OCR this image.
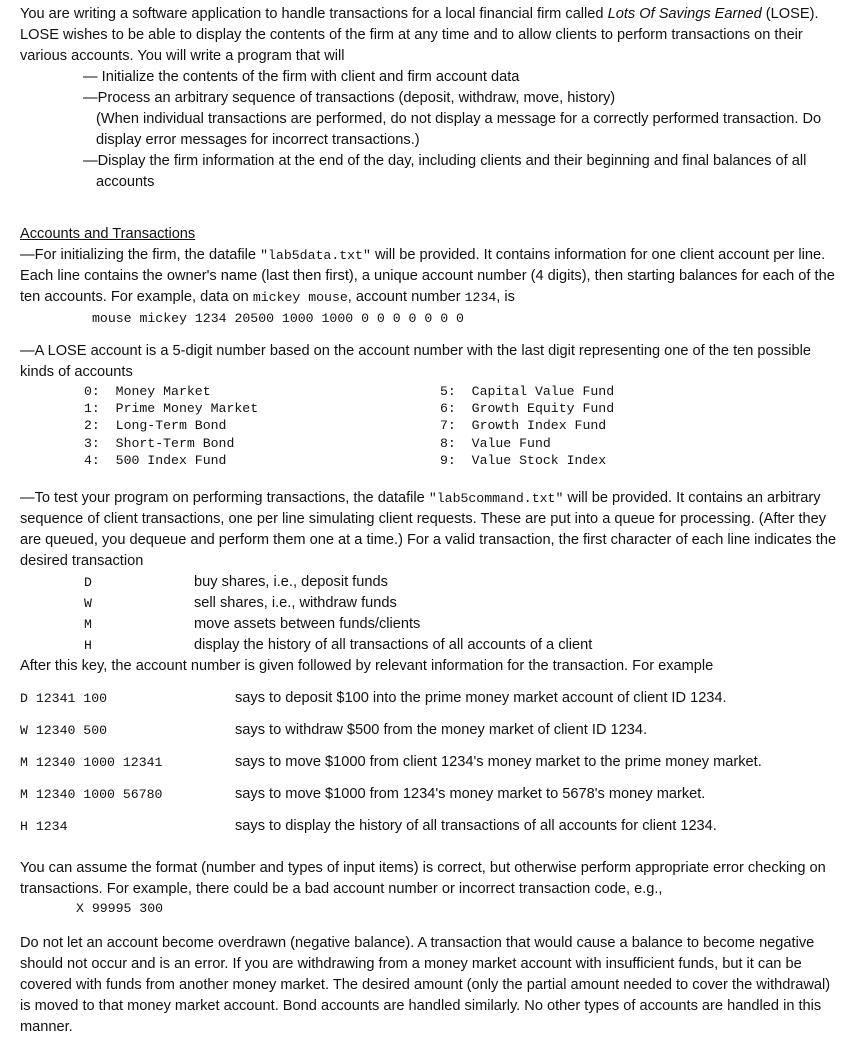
You are writing a software application to handle transactions for a local financial firm called Lots Of Savings Earned (LOSE). LOSE wishes to be able to display the contents of the firm at any time and to allow clients to perform transactions on their various accounts. You will write a program that will

— Initialize the contents of the firm with client and firm account data

—Process an arbitrary sequence of transactions (deposit, withdraw, move, history)

(When individual transactions are performed, do not display a message for a correctly performed transaction. Do display error messages for incorrect transactions.)

—Display the firm information at the end of the day, including clients and their beginning and final balances of all accounts

Accounts and Transactions

—For initializing the firm, the datafile "lab5data.txt" will be provided. It contains information for one client account per line. Each line contains the owner's name (last then first), a unique account number (4 digits), then starting balances for each of the ten accounts. For example, data on mickey mouse, account number 1234, is

mouse mickey 1234 20500 1000 1000 0 0 0 0 0 0 0

—A LOSE account is a 5-digit number based on the account number with the last digit representing one of the ten possible kinds of accounts

0:  Money Market
1:  Prime Money Market
2:  Long-Term Bond
3:  Short-Term Bond
4:  500 Index Fund
5:  Capital Value Fund
6:  Growth Equity Fund
7:  Growth Index Fund
8:  Value Fund
9:  Value Stock Index

—To test your program on performing transactions, the datafile "lab5command.txt" will be provided. It contains an arbitrary sequence of client transactions, one per line simulating client requests. These are put into a queue for processing. (After they are queued, you dequeue and perform them one at a time.) For a valid transaction, the first character of each line indicates the desired transaction

D	buy shares, i.e., deposit funds
W	sell shares, i.e., withdraw funds
M	move assets between funds/clients
H	display the history of all transactions of all accounts of a client

After this key, the account number is given followed by relevant information for the transaction. For example

D 12341 100	says to deposit $100 into the prime money market account of client ID 1234.
W 12340 500	says to withdraw $500 from the money market of client ID 1234.
M 12340 1000 12341	says to move $1000 from client 1234's money market to the prime money market.
M 12340 1000 56780	says to move $1000 from 1234's money market to 5678's money market.
H 1234	says to display the history of all transactions of all accounts for client 1234.

You can assume the format (number and types of input items) is correct, but otherwise perform appropriate error checking on transactions. For example, there could be a bad account number or incorrect transaction code, e.g.,

X 99995 300

Do not let an account become overdrawn (negative balance). A transaction that would cause a balance to become negative should not occur and is an error. If you are withdrawing from a money market account with insufficient funds, but it can be covered with funds from another money market. The desired amount (only the partial amount needed to cover the withdrawal) is moved to that money market account. Bond accounts are handled similarly. No other types of accounts are handled in this manner.
